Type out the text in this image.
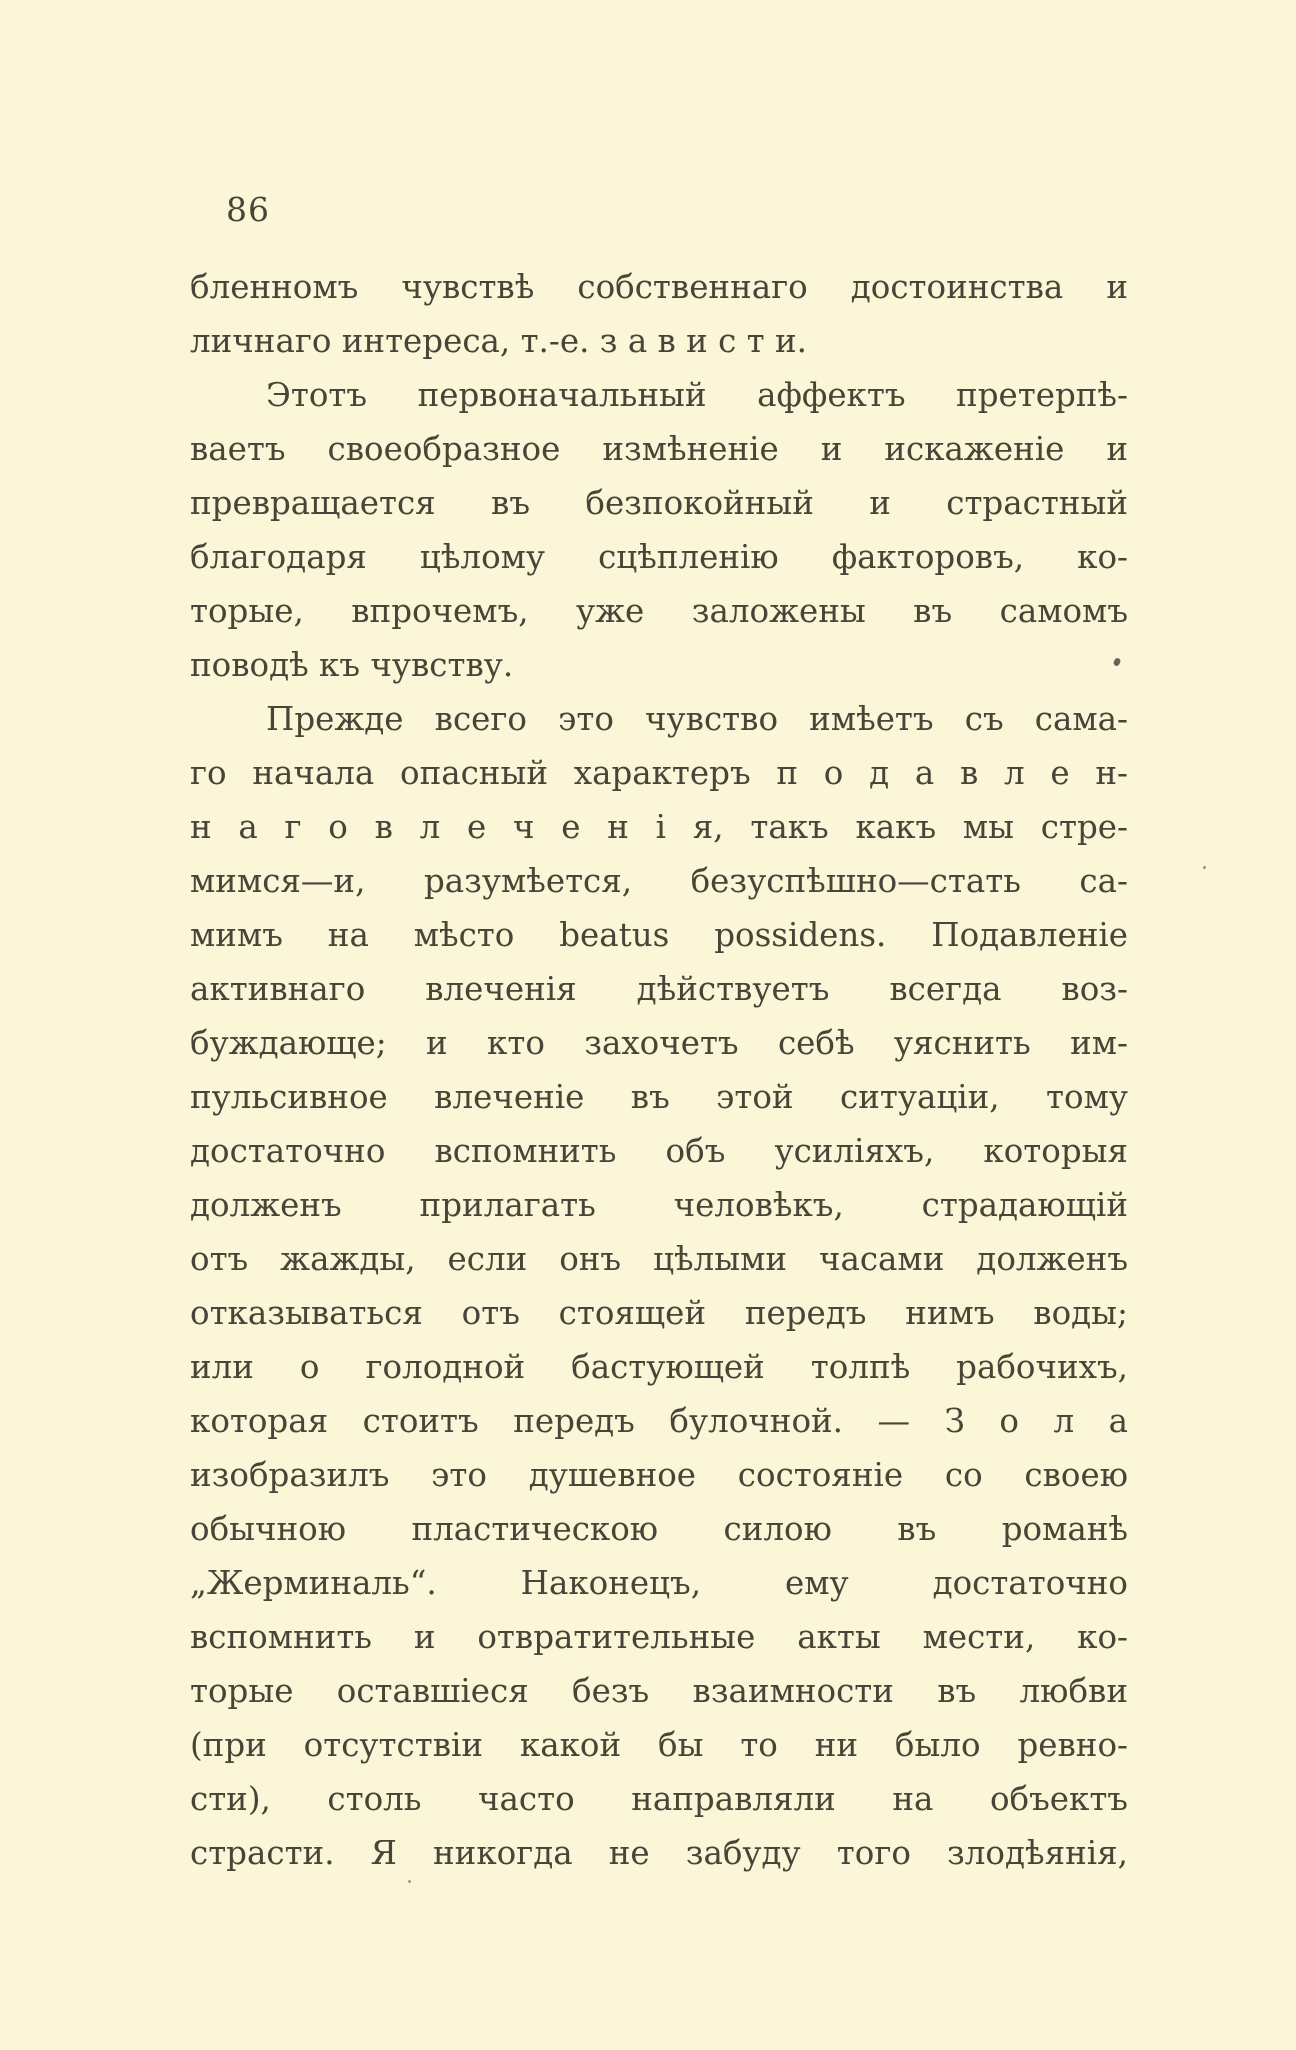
86
бленномъ чувствѣ собственнаго достоинства и
личнаго интереса, т.-е. з а в и с т и.
Этотъ первоначальный аффектъ претерпѣ-
ваетъ своеобразное измѣненіе и искаженіе и
превращается въ безпокойный и страстный
благодаря цѣлому сцѣпленію факторовъ, ко-
торые, впрочемъ, уже заложены въ самомъ
поводѣ къ чувству.
Прежде всего это чувство имѣетъ съ сама-
го начала опасный характеръ п о д а в л е н-
н а г о в л е ч е н і я, такъ какъ мы стре-
мимся—и, разумѣется, безуспѣшно—стать са-
мимъ на мѣсто beatus possidens. Подавленіе
активнаго влеченія дѣйствуетъ всегда воз-
буждающе; и кто захочетъ себѣ уяснить им-
пульсивное влеченіе въ этой ситуаціи, тому
достаточно вспомнить объ усиліяхъ, которыя
долженъ прилагать человѣкъ, страдающій
отъ жажды, если онъ цѣлыми часами долженъ
отказываться отъ стоящей передъ нимъ воды;
или о голодной бастующей толпѣ рабочихъ,
которая стоитъ передъ булочной. — З о л а
изобразилъ это душевное состояніе со своею
обычною пластическою силою въ романѣ
„Жерминаль“. Наконецъ, ему достаточно
вспомнить и отвратительные акты мести, ко-
торые оставшіеся безъ взаимности въ любви
(при отсутствіи какой бы то ни было ревно-
сти), столь часто направляли на объектъ
страсти. Я никогда не забуду того злодѣянія,
